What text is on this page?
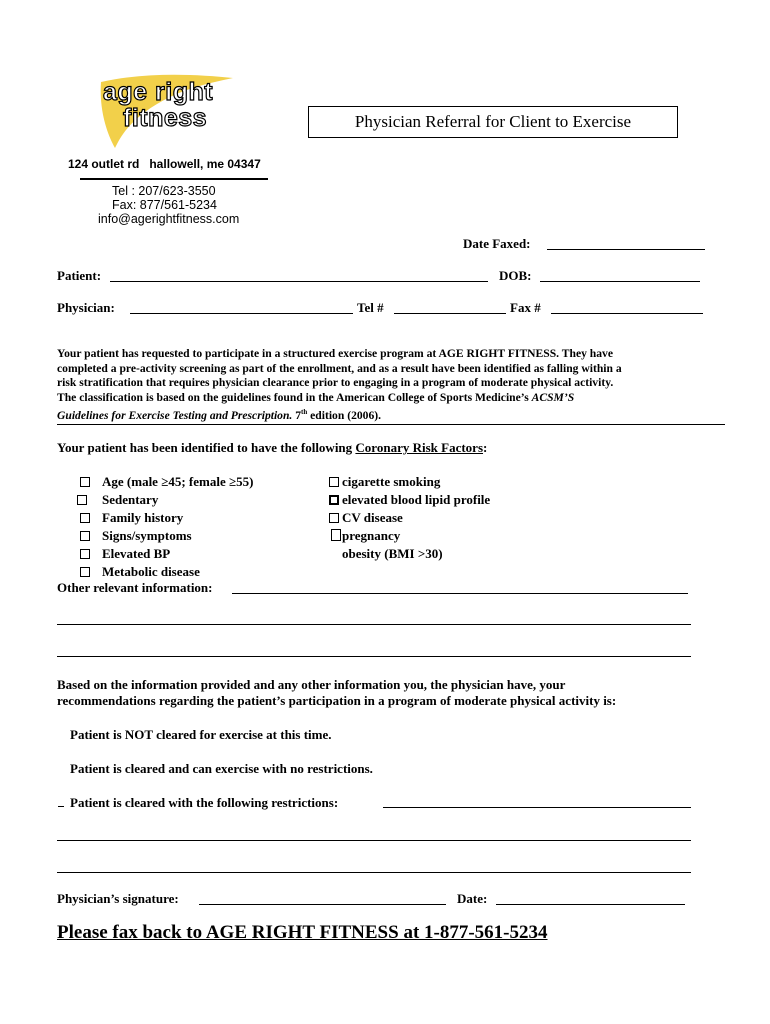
age right
fitness	Physician Referral for Client to Exercise
124 outlet rd   hallowell, me 04347
Tel : 207/623-3550
Fax: 877/561-5234
info@agerightfitness.com
Date Faxed:
Patient:	DOB:
Physician:	Tel #	Fax #
Your patient has requested to participate in a structured exercise program at AGE RIGHT FITNESS. They have
completed a pre-activity screening as part of the enrollment, and as a result have been identified as falling within a
risk stratification that requires physician clearance prior to engaging in a program of moderate physical activity.
The classification is based on the guidelines found in the American College of Sports Medicine’s ACSM’S
Guidelines for Exercise Testing and Prescription. 7th edition (2006).
Your patient has been identified to have the following Coronary Risk Factors:
Age (male ≥45; female ≥55)
Sedentary
Family history
Signs/symptoms
Elevated BP
Metabolic disease
cigarette smoking
elevated blood lipid profile
CV disease
pregnancy
obesity (BMI >30)
Other relevant information:
Based on the information provided and any other information you, the physician have, your
recommendations regarding the patient’s participation in a program of moderate physical activity is:
Patient is NOT cleared for exercise at this time.
Patient is cleared and can exercise with no restrictions.
Patient is cleared with the following restrictions:
Physician’s signature:	Date:
Please fax back to AGE RIGHT FITNESS at 1-877-561-5234
